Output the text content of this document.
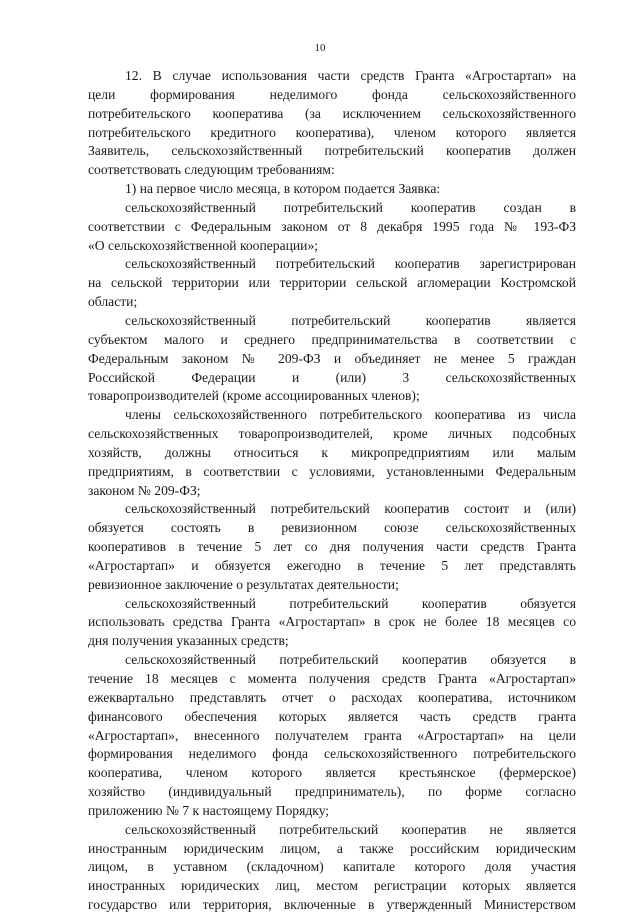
10
12. В случае использования части средств Гранта «Агростартап» на
цели формирования неделимого фонда сельскохозяйственного
потребительского кооператива (за исключением сельскохозяйственного
потребительского кредитного кооператива), членом которого является
Заявитель, сельскохозяйственный потребительский кооператив должен
соответствовать следующим требованиям:
1) на первое число месяца, в котором подается Заявка:
сельскохозяйственный потребительский кооператив создан в
соответствии с Федеральным законом от 8 декабря 1995 года № 193-ФЗ
«О сельскохозяйственной кооперации»;
сельскохозяйственный потребительский кооператив зарегистрирован
на сельской территории или территории сельской агломерации Костромской
области;
сельскохозяйственный потребительский кооператив является
субъектом малого и среднего предпринимательства в соответствии с
Федеральным законом № 209-ФЗ и объединяет не менее 5 граждан
Российской Федерации и (или) 3 сельскохозяйственных
товаропроизводителей (кроме ассоциированных членов);
члены сельскохозяйственного потребительского кооператива из числа
сельскохозяйственных товаропроизводителей, кроме личных подсобных
хозяйств, должны относиться к микропредприятиям или малым
предприятиям, в соответствии с условиями, установленными Федеральным
законом № 209-ФЗ;
сельскохозяйственный потребительский кооператив состоит и (или)
обязуется состоять в ревизионном союзе сельскохозяйственных
кооперативов в течение 5 лет со дня получения части средств Гранта
«Агростартап» и обязуется ежегодно в течение 5 лет представлять
ревизионное заключение о результатах деятельности;
сельскохозяйственный потребительский кооператив обязуется
использовать средства Гранта «Агростартап» в срок не более 18 месяцев со
дня получения указанных средств;
сельскохозяйственный потребительский кооператив обязуется в
течение 18 месяцев с момента получения средств Гранта «Агростартап»
ежеквартально представлять отчет о расходах кооператива, источником
финансового обеспечения которых является часть средств гранта
«Агростартап», внесенного получателем гранта «Агростартап» на цели
формирования неделимого фонда сельскохозяйственного потребительского
кооператива, членом которого является крестьянское (фермерское)
хозяйство (индивидуальный предприниматель), по форме согласно
приложению № 7 к настоящему Порядку;
сельскохозяйственный потребительский кооператив не является
иностранным юридическим лицом, а также российским юридическим
лицом, в уставном (складочном) капитале которого доля участия
иностранных юридических лиц, местом регистрации которых является
государство или территория, включенные в утвержденный Министерством
